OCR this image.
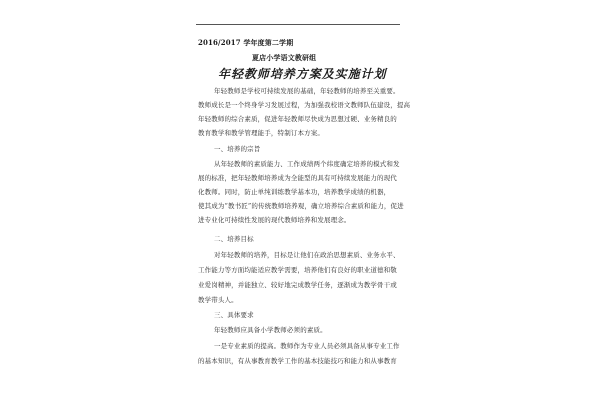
2016/2017 学年度第二学期
夏店小学语文教研组
年轻教师培养方案及实施计划
年轻教师是学校可持续发展的基础，年轻教师的培养至关重要。
教师成长是一个终身学习发展过程，为加强我校语文教师队伍建设，提高
年轻教师的综合素质，促进年轻教师尽快成为思想过硬、业务精良的
教育教学和教学管理能手，特制订本方案。
一、培养的宗旨
从年轻教师的素质能力、工作成绩两个纬度确定培养的模式和发
展的标准，把年轻教师培养成为全能型的具有可持续发展能力的现代
化教师。同时，防止单纯训练教学基本功，培养教学成绩的机器，
使其成为“教书匠”的传统教师培养观，确立培养综合素质和能力，促进
进专业化可持续性发展的现代教师培养和发展理念。
二、培养目标
对年轻教师的培养，目标是让他们在政治思想素质、业务水平、
工作能力等方面均能适应教学需要，培养他们有良好的职业道德和敬
业爱岗精神，并能独立、较好地完成教学任务，逐渐成为教学骨干或
教学带头人。
三、具体要求
年轻教师应具备小学教师必须的素质。
一是专业素质的提高。教师作为专业人员必须具备从事专业工作
的基本知识，有从事教育教学工作的基本技能技巧和能力和从事教育
